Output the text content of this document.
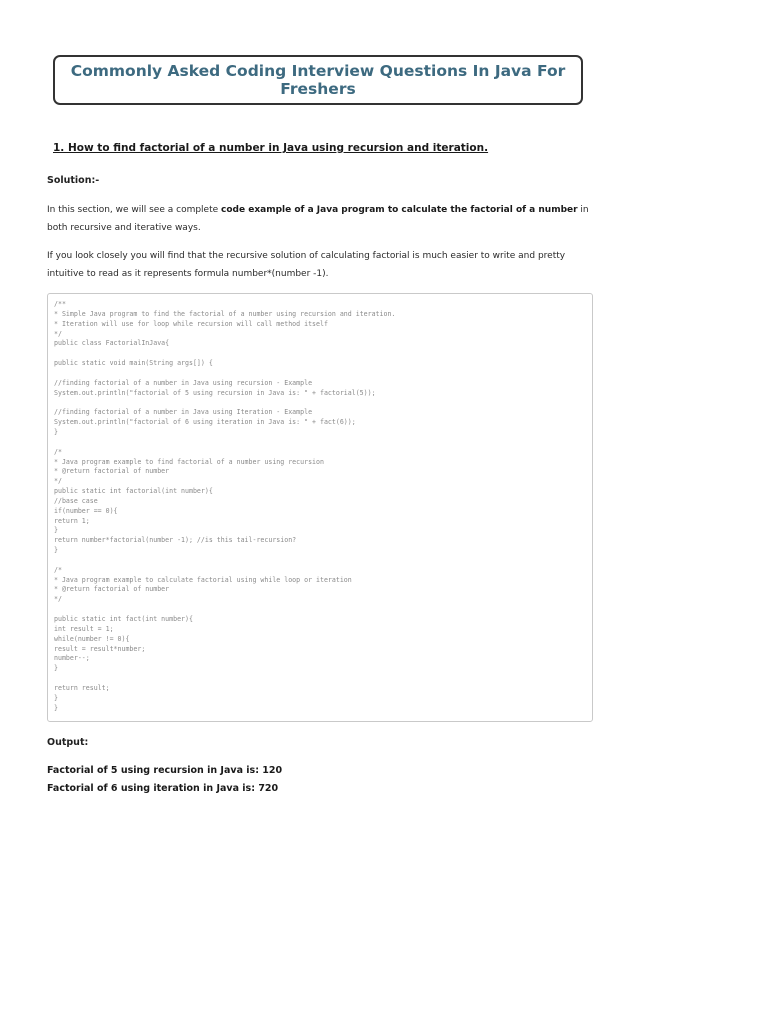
Commonly Asked Coding Interview Questions In Java For Freshers

1. How to find factorial of a number in Java using recursion and iteration.

Solution:-

In this section, we will see a complete code example of a Java program to calculate the factorial of a number in both recursive and iterative ways.

If you look closely you will find that the recursive solution of calculating factorial is much easier to write and pretty intuitive to read as it represents formula number*(number -1).

/**
* Simple Java program to find the factorial of a number using recursion and iteration.
* Iteration will use for loop while recursion will call method itself
*/
public class FactorialInJava{

public static void main(String args[]) {

//finding factorial of a number in Java using recursion - Example
System.out.println("factorial of 5 using recursion in Java is: " + factorial(5));

//finding factorial of a number in Java using Iteration - Example
System.out.println("factorial of 6 using iteration in Java is: " + fact(6));
}

/*
* Java program example to find factorial of a number using recursion
* @return factorial of number
*/
public static int factorial(int number){
//base case
if(number == 0){
return 1;
}
return number*factorial(number -1); //is this tail-recursion?
}

/*
* Java program example to calculate factorial using while loop or iteration
* @return factorial of number
*/

public static int fact(int number){
int result = 1;
while(number != 0){
result = result*number;
number--;
}

return result;
}
}

Output:

Factorial of 5 using recursion in Java is: 120

Factorial of 6 using iteration in Java is: 720
